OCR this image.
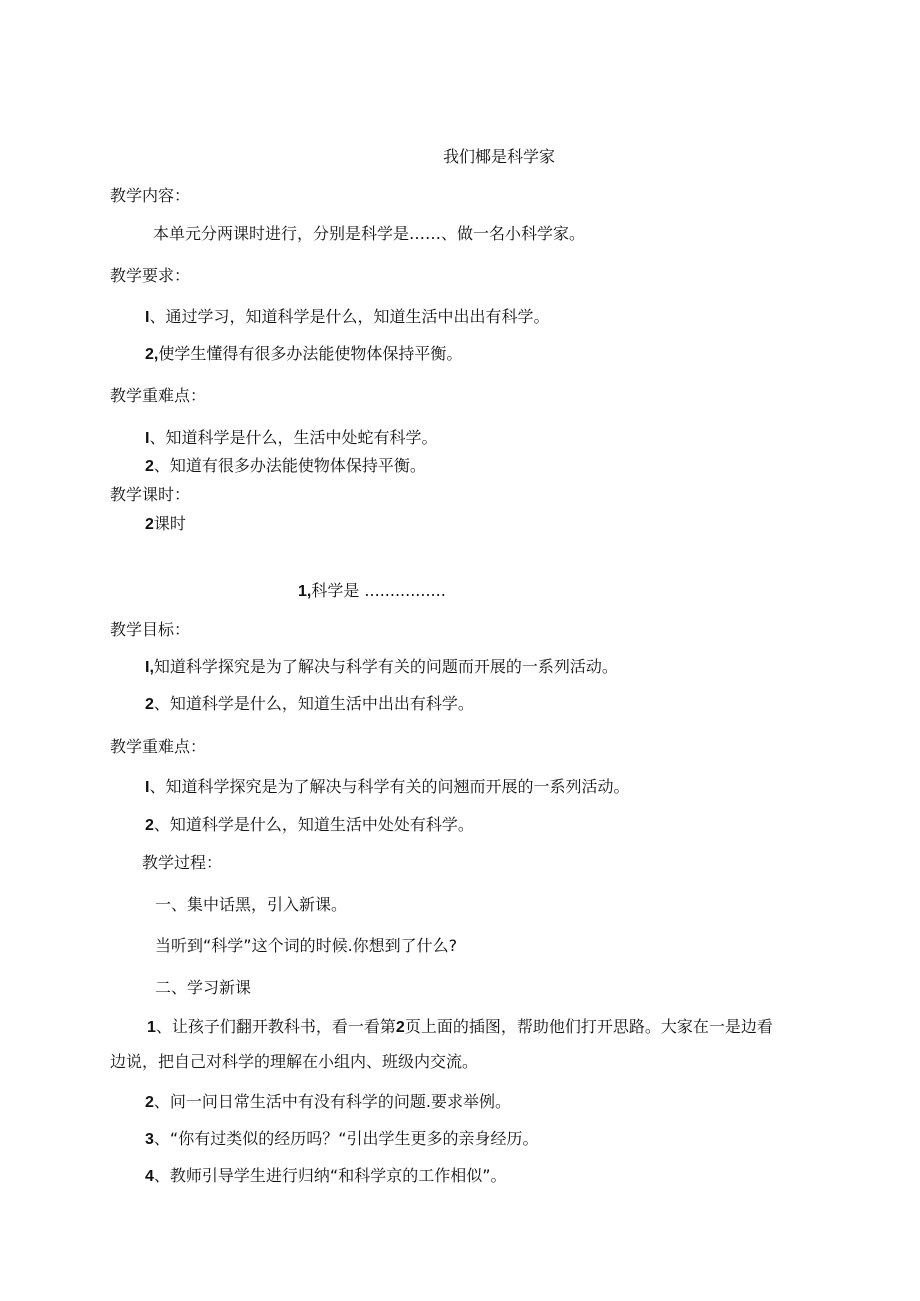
我们椰是科学家
教学内容：
本单元分两课时进行，分别是科学是……、做一名小科学家。
教学要求：
I、通过学习，知道科学是什么，知道生活中出出有科学。
2,使学生懂得有很多办法能使物体保持平衡。
教学重难点：
I、知道科学是什么，生活中处蛇有科学。
2、知道有很多办法能使物体保持平衡。
教学课时：
2课时
1,科学是 ................
教学目标：
I,知道科学探究是为了解决与科学有关的问题而开展的一系列活动。
2、知道科学是什么，知道生活中出出有科学。
教学重难点：
I、知道科学探究是为了解决与科学有关的问翘而开展的一系列活动。
2、知道科学是什么，知道生活中处处有科学。
教学过程：
一、集中话黑，引入新课。
当听到“科学”这个词的时候.你想到了什么?
二、学习新课
1、让孩子们翻开教科书，看一看第2页上面的插图，帮助他们打开思路。大家在一是边看
边说，把自己对科学的理解在小组内、班级内交流。
2、问一问日常生活中有没有科学的问题.要求举例。
3、“你有过类似的经历吗？“引出学生更多的亲身经历。
4、教师引导学生进行归纳“和科学京的工作相似”。
